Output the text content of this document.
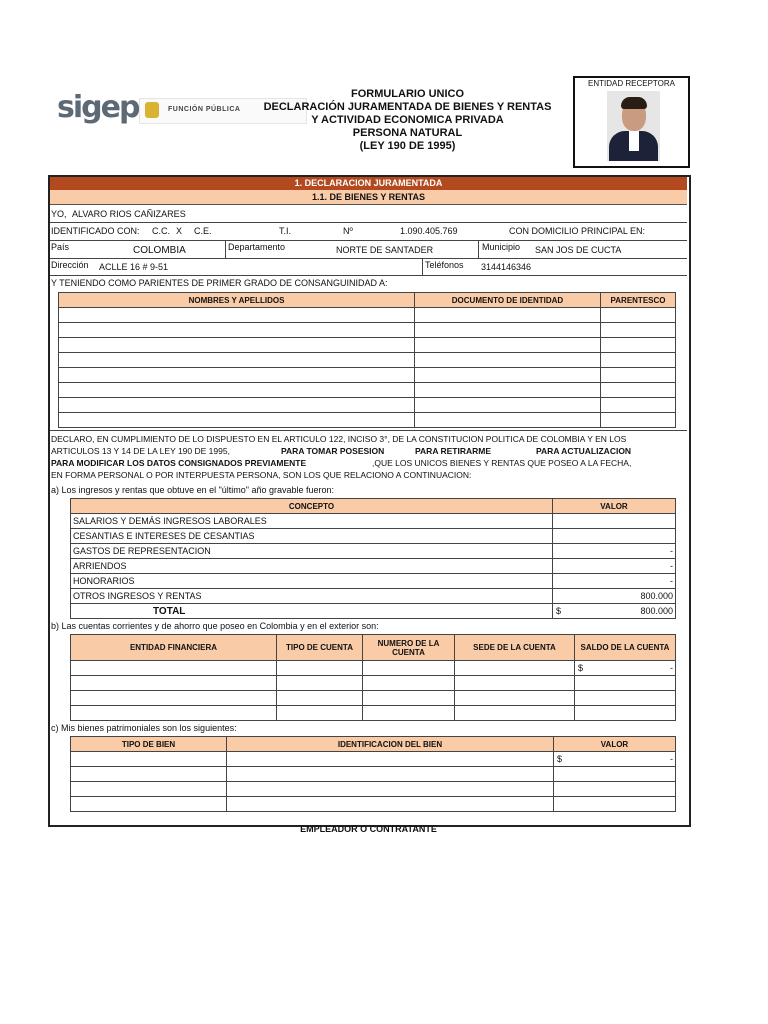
sigep	FUNCIÓN PÚBLICA
FORMULARIO UNICO
DECLARACIÓN JURAMENTADA DE BIENES Y RENTAS
Y ACTIVIDAD ECONOMICA PRIVADA
PERSONA NATURAL
(LEY 190 DE 1995)
ENTIDAD RECEPTORA
1. DECLARACION JURAMENTADA
1.1. DE BIENES Y RENTAS
YO, ALVARO RIOS CAÑIZARES
IDENTIFICADO CON: C.C. X C.E.	T.I.	Nº	1.090.405.769	CON DOMICILIO PRINCIPAL EN:
País	COLOMBIA	Departamento	NORTE DE SANTADER	Municipio SAN JOS DE CUCTA
Dirección ACLLE 16 # 9-51	Teléfonos 3144146346
Y TENIENDO COMO PARIENTES DE PRIMER GRADO DE CONSANGUINIDAD A:
NOMBRES Y APELLIDOS	DOCUMENTO DE IDENTIDAD	PARENTESCO

DECLARO, EN CUMPLIMIENTO DE LO DISPUESTO EN EL ARTICULO 122, INCISO 3°, DE LA CONSTITUCION POLITICA DE COLOMBIA Y EN LOS
ARTICULOS 13 Y 14 DE LA LEY 190 DE 1995,	PARA TOMAR POSESION	PARA RETIRARME	PARA ACTUALIZACION
PARA MODIFICAR LOS DATOS CONSIGNADOS PREVIAMENTE	,QUE LOS UNICOS BIENES Y RENTAS QUE POSEO A LA FECHA,
EN FORMA PERSONAL O POR INTERPUESTA PERSONA, SON LOS QUE RELACIONO A CONTINUACION:
a) Los ingresos y rentas que obtuve en el "último" año gravable fueron:
CONCEPTO	VALOR
SALARIOS Y DEMÁS INGRESOS LABORALES	
CESANTIAS E INTERESES DE CESANTIAS	
GASTOS DE REPRESENTACION	-
ARRIENDOS	-
HONORARIOS	-
OTROS INGRESOS Y RENTAS	800.000
TOTAL	$ 800.000
b) Las cuentas corrientes y de ahorro que poseo en Colombia y en el exterior son:
ENTIDAD FINANCIERA	TIPO DE CUENTA	NUMERO DE LA CUENTA	SEDE DE LA CUENTA	SALDO DE LA CUENTA

				$ -

c) Mis bienes patrimoniales son los siguientes:
TIPO DE BIEN	IDENTIFICACION DEL BIEN	VALOR

		$ -

EMPLEADOR O CONTRATANTE
